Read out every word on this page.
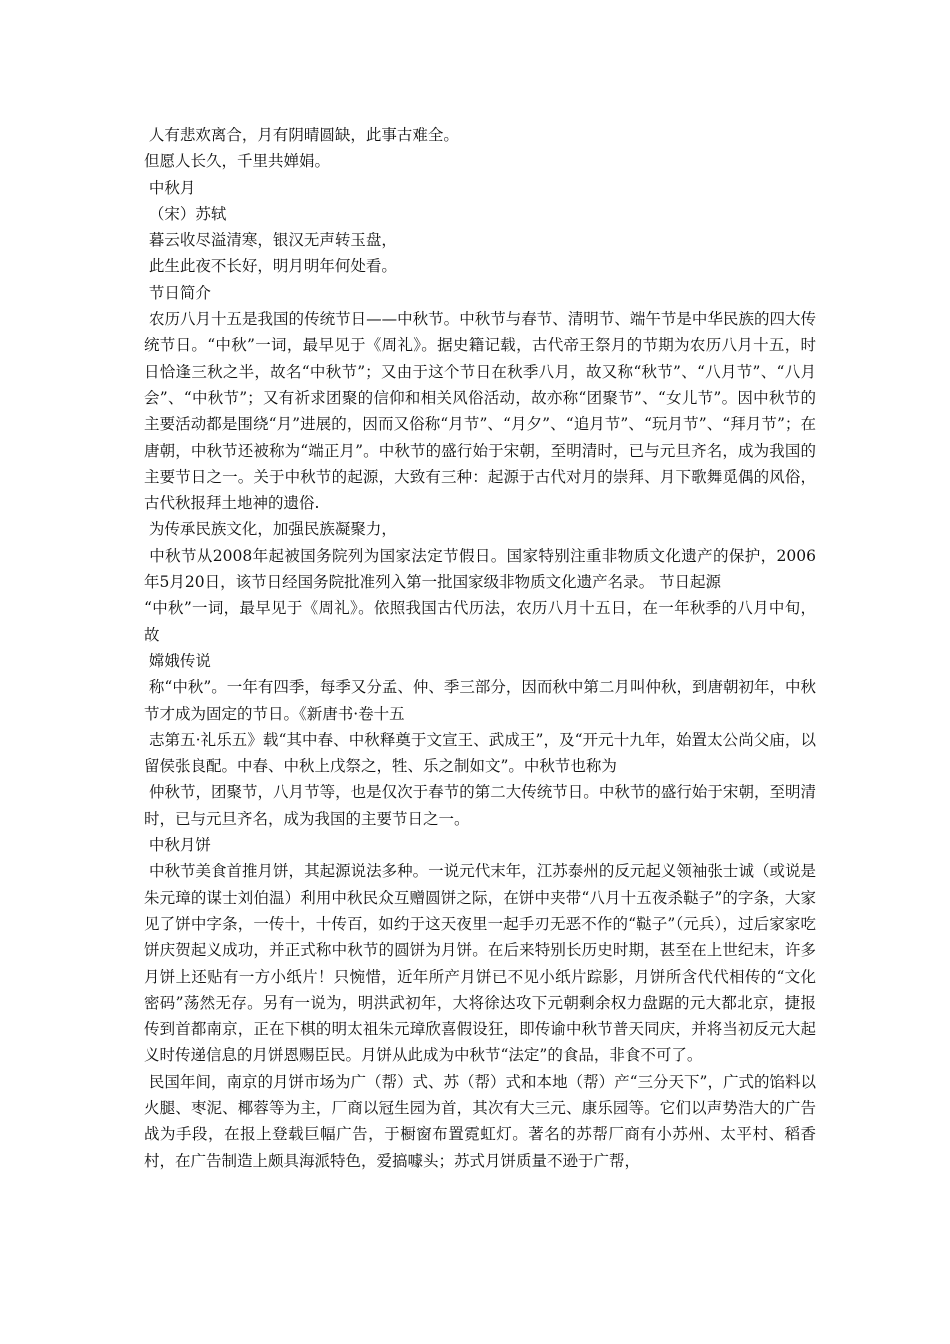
人有悲欢离合，月有阴晴圆缺，此事古难全。

但愿人长久，千里共婵娟。

中秋月

（宋）苏轼

暮云收尽溢清寒，银汉无声转玉盘，

此生此夜不长好，明月明年何处看。

节日简介

农历八月十五是我国的传统节日——中秋节。中秋节与春节、清明节、端午节是中华民族的四大传统节日。“中秋”一词，最早见于《周礼》。据史籍记载，古代帝王祭月的节期为农历八月十五，时日恰逢三秋之半，故名“中秋节”；又由于这个节日在秋季八月，故又称“秋节”、“八月节”、“八月会”、“中秋节”；又有祈求团聚的信仰和相关风俗活动，故亦称“团聚节”、“女儿节”。因中秋节的主要活动都是围绕“月”进展的，因而又俗称“月节”、“月夕”、“追月节”、“玩月节”、“拜月节”；在唐朝，中秋节还被称为“端正月”。中秋节的盛行始于宋朝，至明清时，已与元旦齐名，成为我国的主要节日之一。关于中秋节的起源，大致有三种：起源于古代对月的崇拜、月下歌舞觅偶的风俗，古代秋报拜土地神的遗俗.

为传承民族文化，加强民族凝聚力，

中秋节从2008年起被国务院列为国家法定节假日。国家特别注重非物质文化遗产的保护，2006年5月20日，该节日经国务院批准列入第一批国家级非物质文化遗产名录。 节日起源

“中秋”一词，最早见于《周礼》。依照我国古代历法，农历八月十五日，在一年秋季的八月中旬，故

嫦娥传说

称“中秋”。一年有四季，每季又分孟、仲、季三部分，因而秋中第二月叫仲秋，到唐朝初年，中秋节才成为固定的节日。《新唐书·卷十五

志第五·礼乐五》载“其中春、中秋释奠于文宣王、武成王”，及“开元十九年，始置太公尚父庙，以留侯张良配。中春、中秋上戊祭之，牲、乐之制如文”。中秋节也称为

仲秋节，团聚节，八月节等，也是仅次于春节的第二大传统节日。中秋节的盛行始于宋朝，至明清时，已与元旦齐名，成为我国的主要节日之一。

中秋月饼

中秋节美食首推月饼，其起源说法多种。一说元代末年，江苏泰州的反元起义领袖张士诚（或说是朱元璋的谋士刘伯温）利用中秋民众互赠圆饼之际，在饼中夹带“八月十五夜杀鞑子”的字条，大家见了饼中字条，一传十，十传百，如约于这天夜里一起手刃无恶不作的“鞑子”（元兵），过后家家吃饼庆贺起义成功，并正式称中秋节的圆饼为月饼。在后来特别长历史时期，甚至在上世纪末，许多月饼上还贴有一方小纸片！只惋惜，近年所产月饼已不见小纸片踪影，月饼所含代代相传的“文化密码”荡然无存。另有一说为，明洪武初年，大将徐达攻下元朝剩余权力盘踞的元大都北京，捷报传到首都南京，正在下棋的明太祖朱元璋欣喜假设狂，即传谕中秋节普天同庆，并将当初反元大起义时传递信息的月饼恩赐臣民。月饼从此成为中秋节“法定”的食品，非食不可了。

民国年间，南京的月饼市场为广（帮）式、苏（帮）式和本地（帮）产“三分天下”，广式的馅料以火腿、枣泥、椰蓉等为主，厂商以冠生园为首，其次有大三元、康乐园等。它们以声势浩大的广告战为手段，在报上登载巨幅广告，于橱窗布置霓虹灯。著名的苏帮厂商有小苏州、太平村、稻香村，在广告制造上颇具海派特色，爱搞噱头；苏式月饼质量不逊于广帮，
